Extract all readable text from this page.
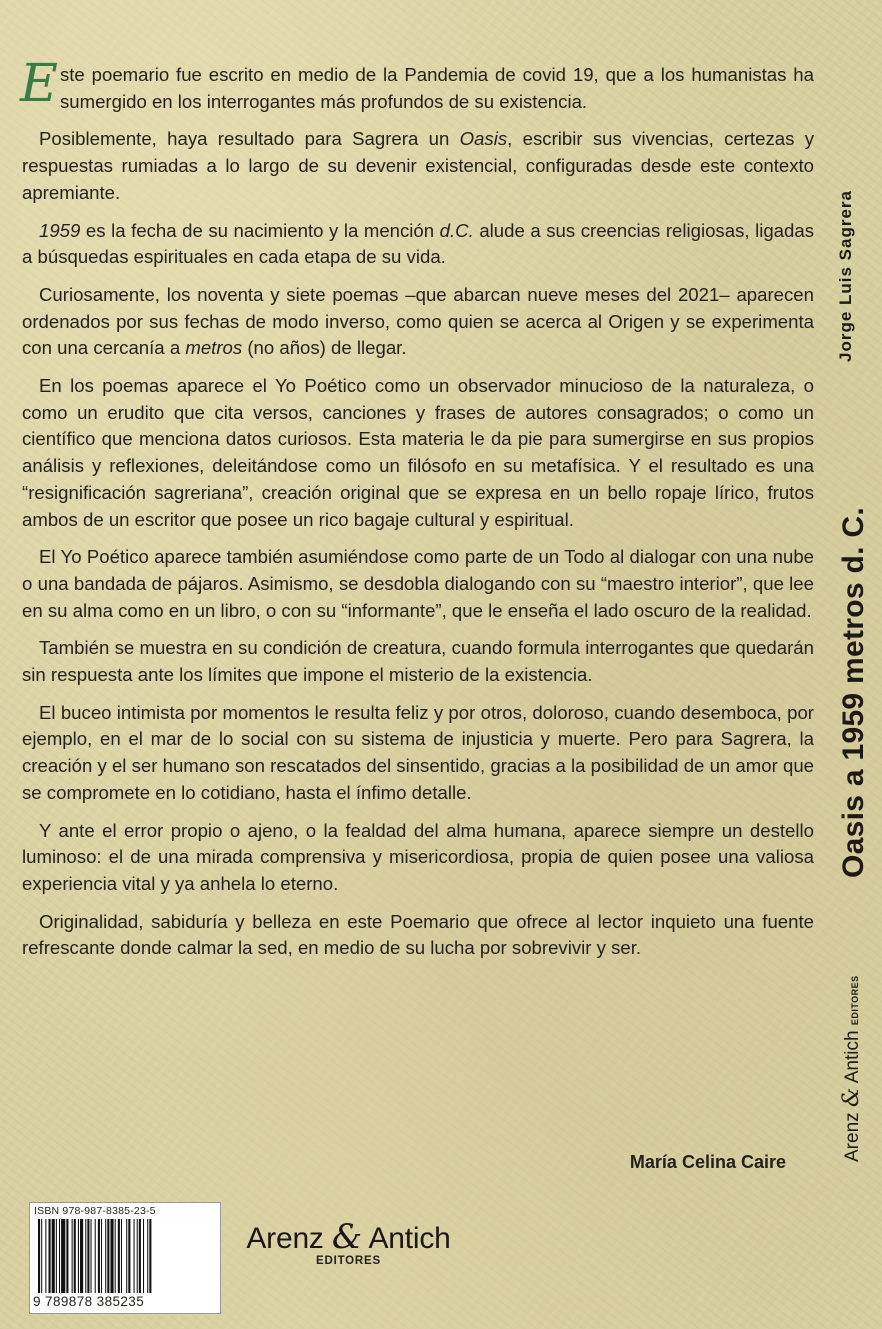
Este poemario fue escrito en medio de la Pandemia de covid 19, que a los humanistas ha sumergido en los interrogantes más profundos de su existencia.

Posiblemente, haya resultado para Sagrera un Oasis, escribir sus vivencias, certezas y respuestas rumiadas a lo largo de su devenir existencial, configuradas desde este contexto apremiante.

1959 es la fecha de su nacimiento y la mención d.C. alude a sus creencias religiosas, ligadas a búsquedas espirituales en cada etapa de su vida.

Curiosamente, los noventa y siete poemas –que abarcan nueve meses del 2021– aparecen ordenados por sus fechas de modo inverso, como quien se acerca al Origen y se experimenta con una cercanía a metros (no años) de llegar.

En los poemas aparece el Yo Poético como un observador minucioso de la naturaleza, o como un erudito que cita versos, canciones y frases de autores consagrados; o como un científico que menciona datos curiosos. Esta materia le da pie para sumergirse en sus propios análisis y reflexiones, deleitándose como un filósofo en su metafísica. Y el resultado es una “resignificación sagreriana”, creación original que se expresa en un bello ropaje lírico, frutos ambos de un escritor que posee un rico bagaje cultural y espiritual.

El Yo Poético aparece también asumiéndose como parte de un Todo al dialogar con una nube o una bandada de pájaros. Asimismo, se desdobla dialogando con su “maestro interior”, que lee en su alma como en un libro, o con su “informante”, que le enseña el lado oscuro de la realidad.

También se muestra en su condición de creatura, cuando formula interrogantes que quedarán sin respuesta ante los límites que impone el misterio de la existencia.

El buceo intimista por momentos le resulta feliz y por otros, doloroso, cuando desemboca, por ejemplo, en el mar de lo social con su sistema de injusticia y muerte. Pero para Sagrera, la creación y el ser humano son rescatados del sinsentido, gracias a la posibilidad de un amor que se compromete en lo cotidiano, hasta el ínfimo detalle.

Y ante el error propio o ajeno, o la fealdad del alma humana, aparece siempre un destello luminoso: el de una mirada comprensiva y misericordiosa, propia de quien posee una valiosa experiencia vital y ya anhela lo eterno.

Originalidad, sabiduría y belleza en este Poemario que ofrece al lector inquieto una fuente refrescante donde calmar la sed, en medio de su lucha por sobrevivir y ser.

María Celina Caire
ISBN 978-987-8385-23-5
9 789878 385235
Arenz & Antich
EDITORES
Jorge Luis Sagrera
Oasis a 1959 metros d. C.
Arenz & Antich EDITORES
